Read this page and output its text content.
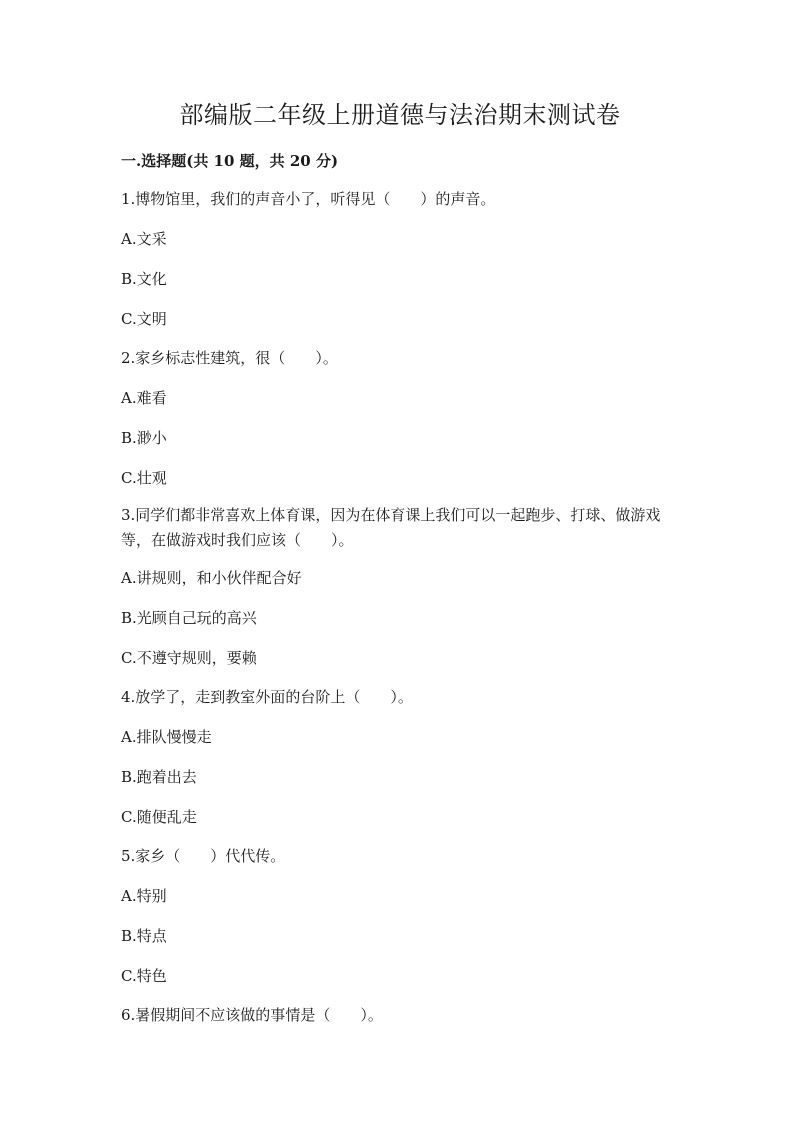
部编版二年级上册道德与法治期末测试卷
一.选择题(共 10 题，共 20 分)
1.博物馆里，我们的声音小了，听得见（　　）的声音。
A.文采
B.文化
C.文明
2.家乡标志性建筑，很（　　）。
A.难看
B.渺小
C.壮观
3.同学们都非常喜欢上体育课，因为在体育课上我们可以一起跑步、打球、做游戏等，在做游戏时我们应该（　　）。
A.讲规则，和小伙伴配合好
B.光顾自己玩的高兴
C.不遵守规则，要赖
4.放学了，走到教室外面的台阶上（　　）。
A.排队慢慢走
B.跑着出去
C.随便乱走
5.家乡（　　）代代传。
A.特别
B.特点
C.特色
6.暑假期间不应该做的事情是（　　）。
